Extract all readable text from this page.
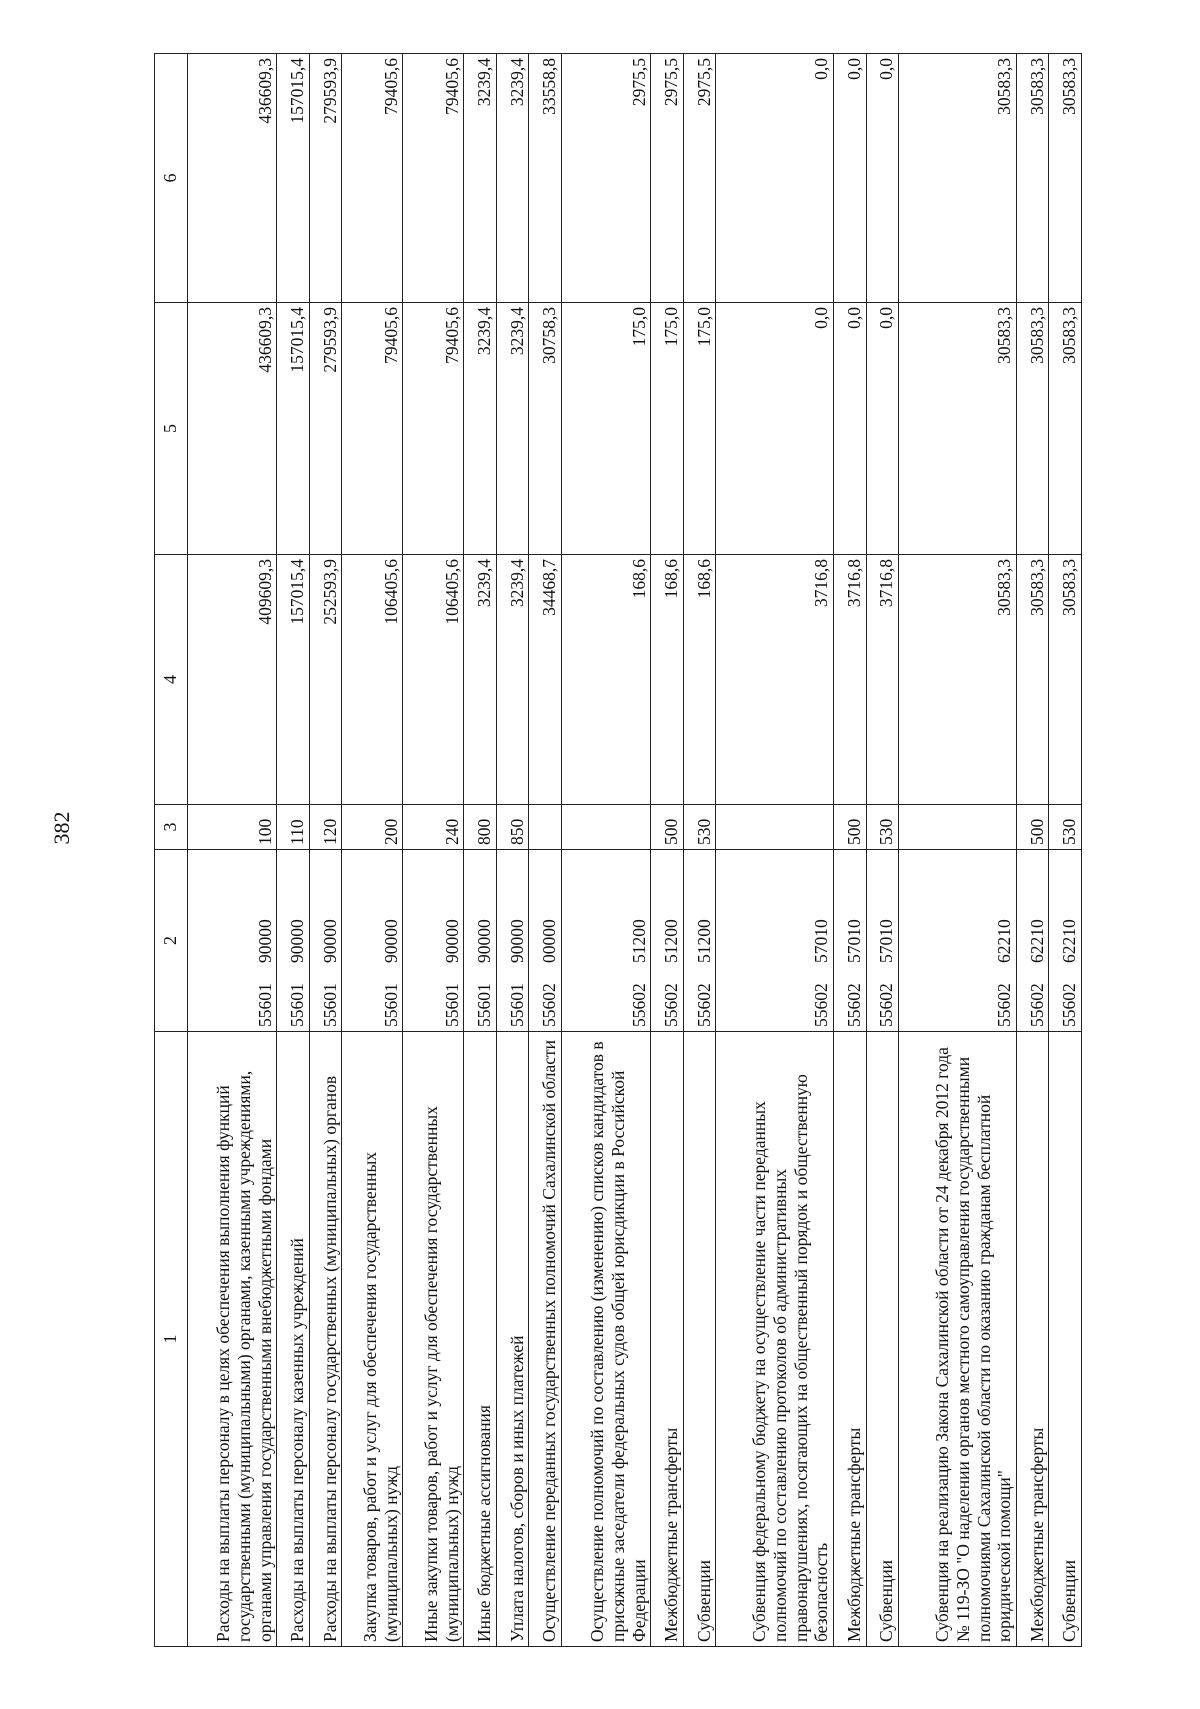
382
1	2	3	4	5	6
Расходы на выплаты персоналу в целях обеспечения выполнения функций государственными (муниципальными) органами, казенными учреждениями, органами управления государственными внебюджетными фондами	5560190000	100	409609,3	436609,3	436609,3
Расходы на выплаты персоналу казенных учреждений	5560190000	110	157015,4	157015,4	157015,4
Расходы на выплаты персоналу государственных (муниципальных) органов	5560190000	120	252593,9	279593,9	279593,9
Закупка товаров, работ и услуг для обеспечения государственных (муниципальных) нужд	5560190000	200	106405,6	79405,6	79405,6
Иные закупки товаров, работ и услуг для обеспечения государственных (муниципальных) нужд	5560190000	240	106405,6	79405,6	79405,6
Иные бюджетные ассигнования	5560190000	800	3239,4	3239,4	3239,4
Уплата налогов, сборов и иных платежей	5560190000	850	3239,4	3239,4	3239,4
Осуществление переданных государственных полномочий Сахалинской области	5560200000		34468,7	30758,3	33558,8
Осуществление полномочий по составлению (изменению) списков кандидатов в присяжные заседатели федеральных судов общей юрисдикции в Российской Федерации	5560251200		168,6	175,0	2975,5
Межбюджетные трансферты	5560251200	500	168,6	175,0	2975,5
Субвенции	5560251200	530	168,6	175,0	2975,5
Субвенция федеральному бюджету на осуществление части переданных полномочий по составлению протоколов об административных правонарушениях, посягающих на общественный порядок и общественную безопасность	5560257010		3716,8	0,0	0,0
Межбюджетные трансферты	5560257010	500	3716,8	0,0	0,0
Субвенции	5560257010	530	3716,8	0,0	0,0
Субвенция на реализацию Закона Сахалинской области от 24 декабря 2012 года № 119-ЗО "О наделении органов местного самоуправления государственными полномочиями Сахалинской области по оказанию гражданам бесплатной юридической помощи"	5560262210		30583,3	30583,3	30583,3
Межбюджетные трансферты	5560262210	500	30583,3	30583,3	30583,3
Субвенции	5560262210	530	30583,3	30583,3	30583,3
